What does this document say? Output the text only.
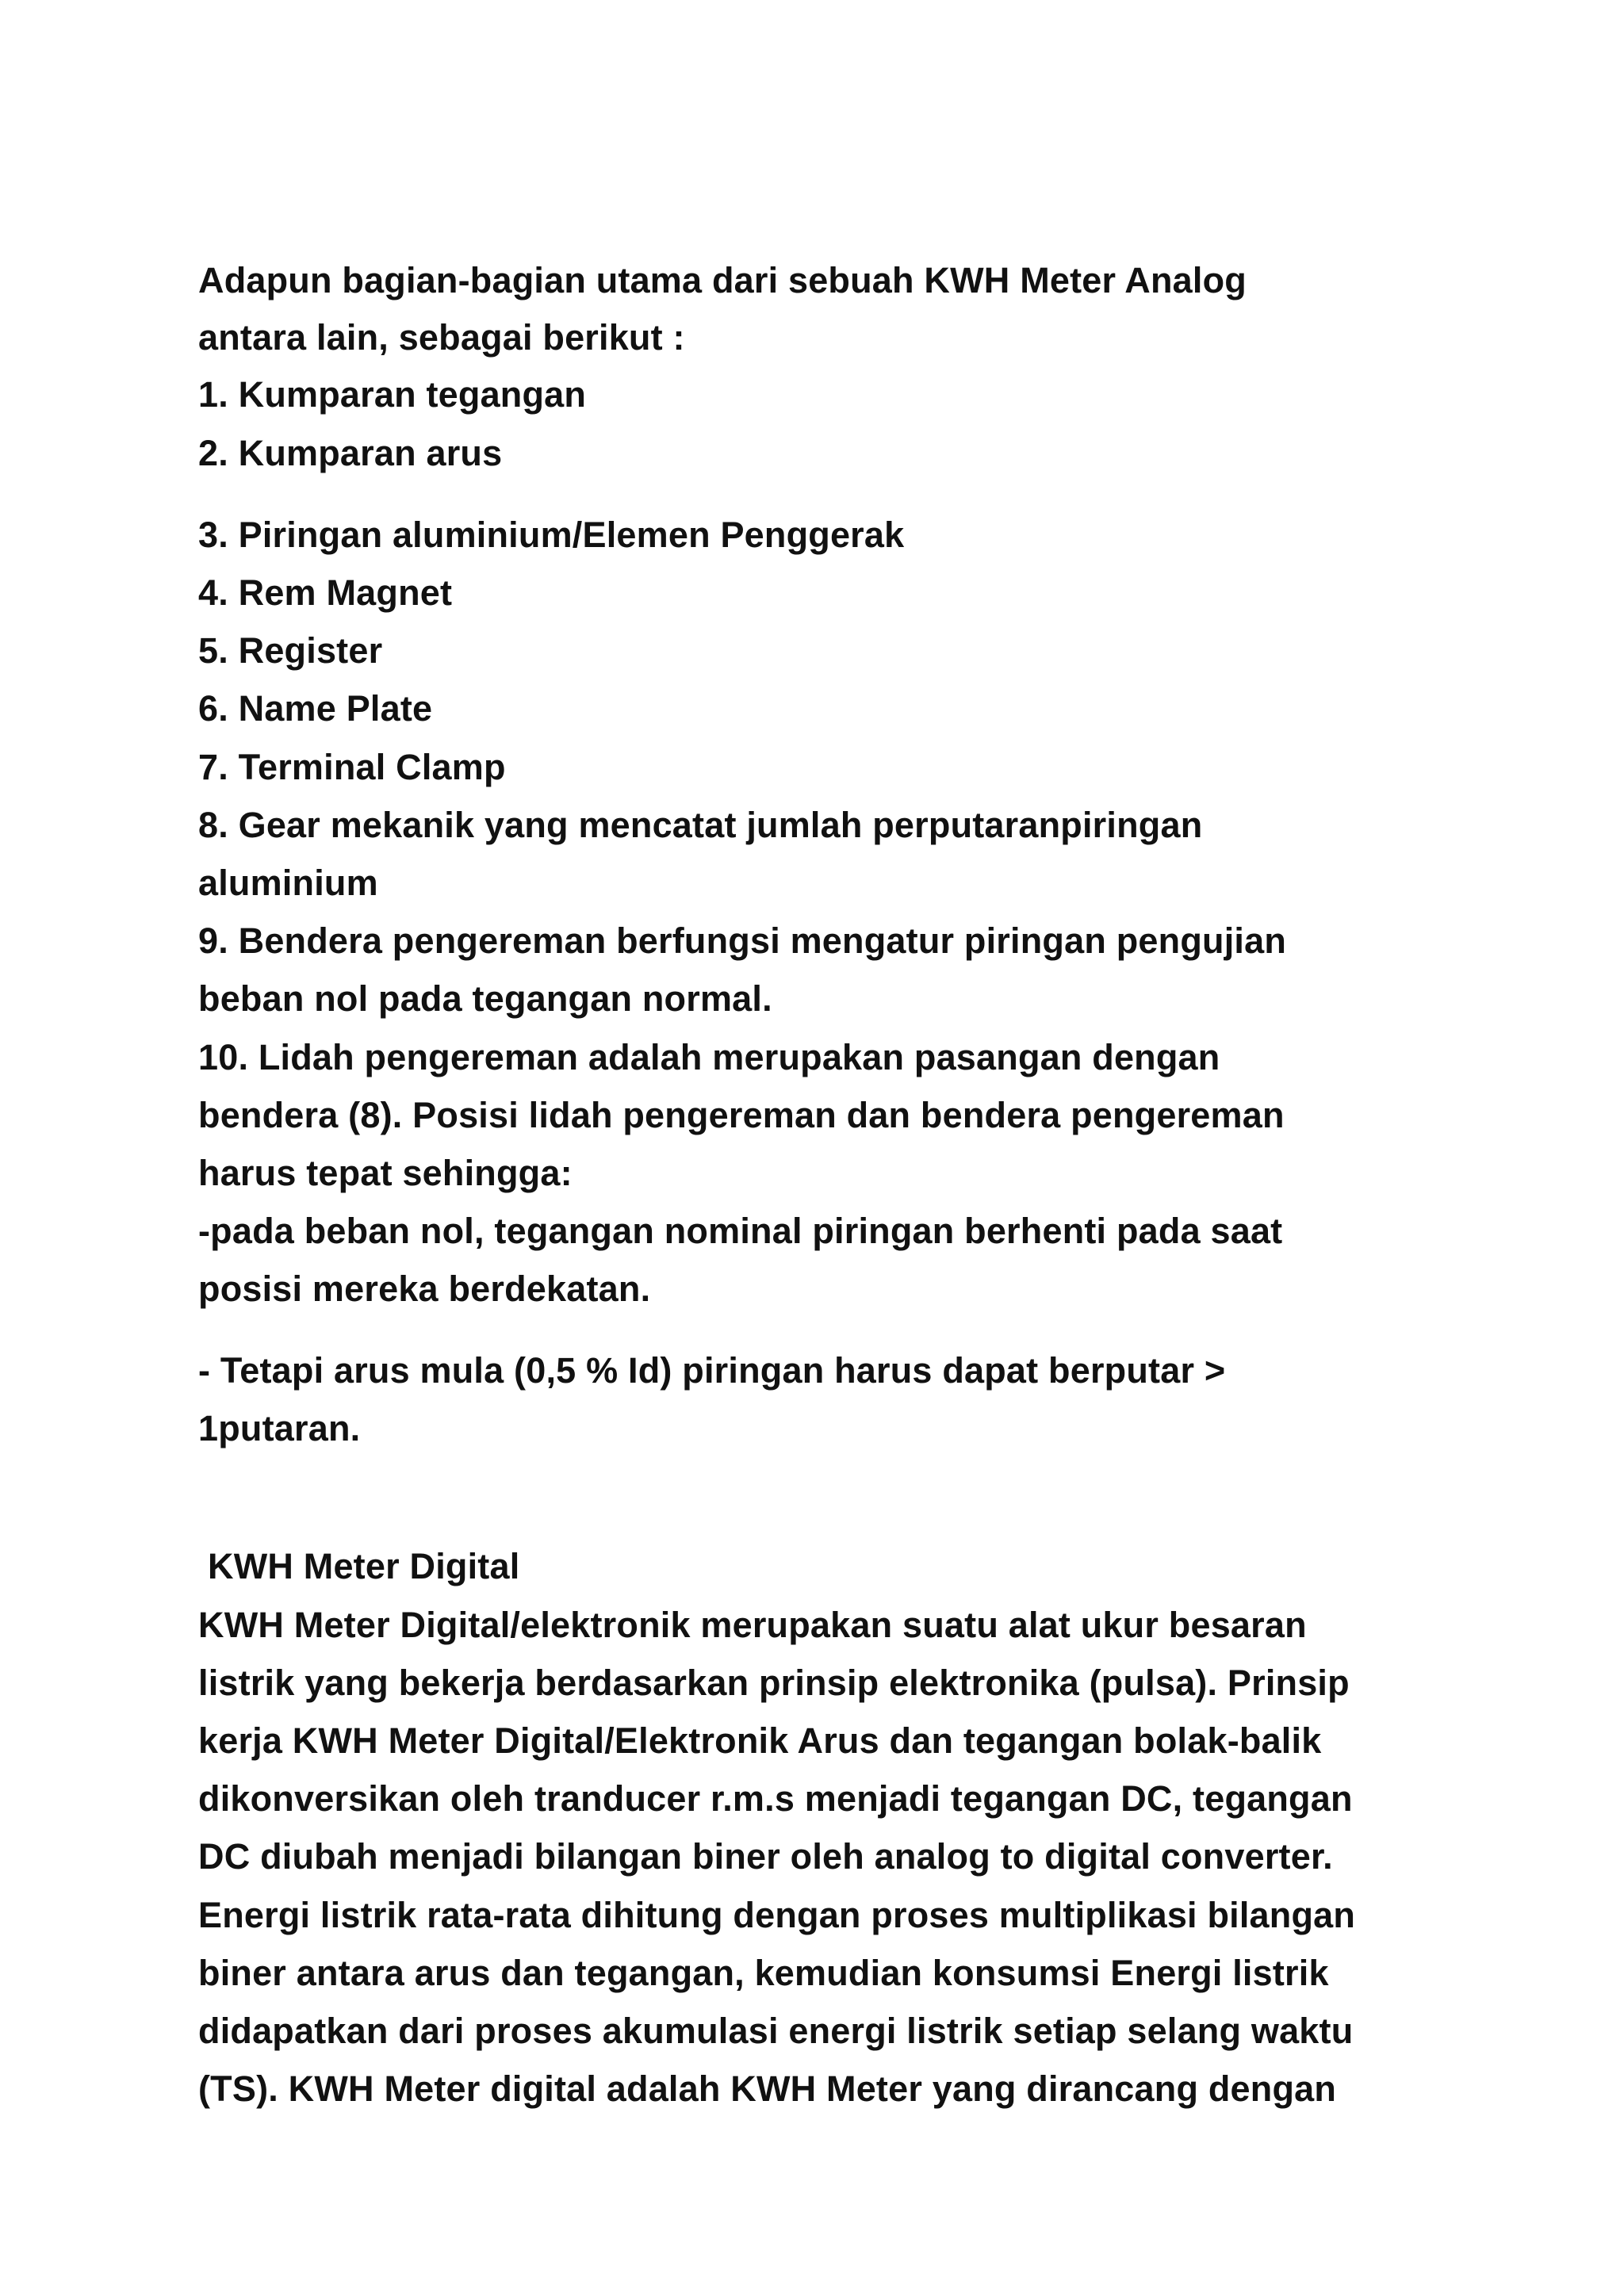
Adapun bagian-bagian utama dari sebuah KWH Meter Analog

antara lain, sebagai berikut :

1. Kumparan tegangan

2. Kumparan arus

3. Piringan aluminium/Elemen Penggerak

4. Rem Magnet

5. Register

6. Name Plate

7. Terminal Clamp

8. Gear mekanik yang mencatat jumlah perputaranpiringan

aluminium

9. Bendera pengereman berfungsi mengatur piringan pengujian

beban nol pada tegangan normal.

10. Lidah pengereman adalah merupakan pasangan dengan

bendera (8). Posisi lidah pengereman dan bendera pengereman

harus tepat sehingga:

-pada beban nol, tegangan nominal piringan berhenti pada saat

posisi mereka berdekatan.

- Tetapi arus mula (0,5 % Id) piringan harus dapat berputar >

1putaran.

KWH Meter Digital

KWH Meter Digital/elektronik merupakan suatu alat ukur besaran

listrik yang bekerja berdasarkan prinsip elektronika (pulsa). Prinsip

kerja KWH Meter Digital/Elektronik Arus dan tegangan bolak-balik

dikonversikan oleh tranducer r.m.s menjadi tegangan DC, tegangan

DC diubah menjadi bilangan biner oleh analog to digital converter.

Energi listrik rata-rata dihitung dengan proses multiplikasi bilangan

biner antara arus dan tegangan, kemudian konsumsi Energi listrik

didapatkan dari proses akumulasi energi listrik setiap selang waktu

(TS). KWH Meter digital adalah KWH Meter yang dirancang dengan
